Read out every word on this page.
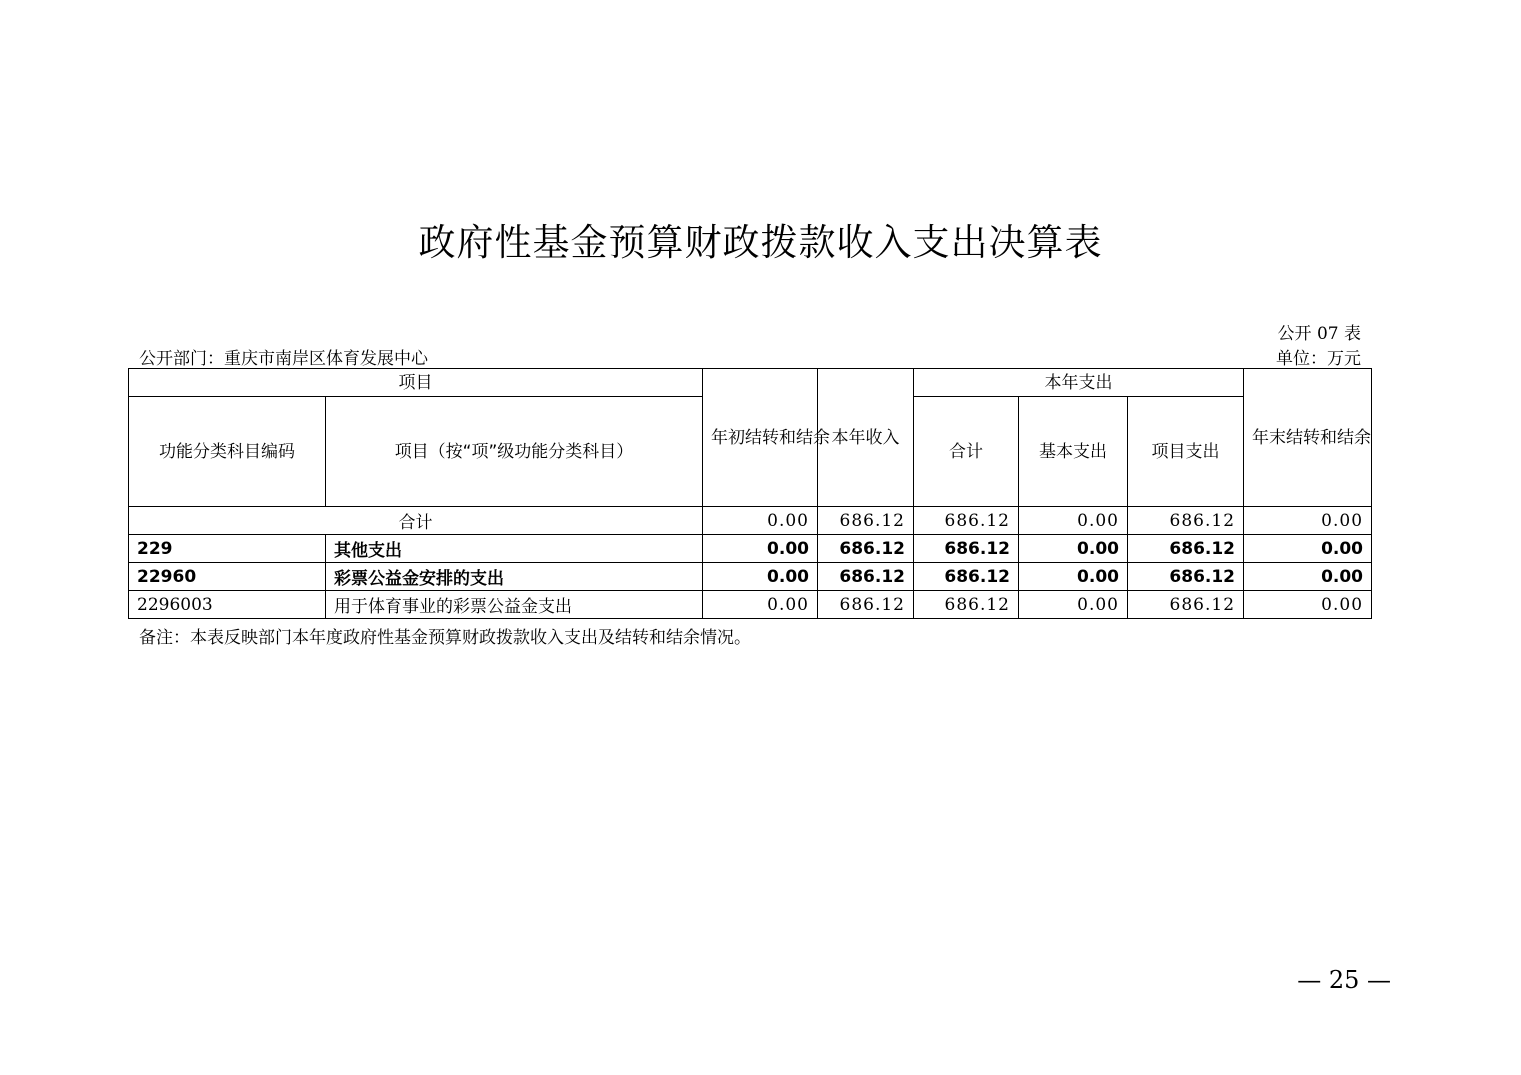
政府性基金预算财政拨款收入支出决算表
公开 07 表
公开部门：重庆市南岸区体育发展中心	单位：万元
项目		年初结转和结余	本年收入	本年支出			年末结转和结余
功能分类科目编码	项目（按“项”级功能分类科目）			合计	基本支出	项目支出	
合计		0.00	686.12	686.12	0.00	686.12	0.00
229	其他支出	0.00	686.12	686.12	0.00	686.12	0.00
22960	彩票公益金安排的支出	0.00	686.12	686.12	0.00	686.12	0.00
2296003	用于体育事业的彩票公益金支出	0.00	686.12	686.12	0.00	686.12	0.00
备注：本表反映部门本年度政府性基金预算财政拨款收入支出及结转和结余情况。
— 25 —
